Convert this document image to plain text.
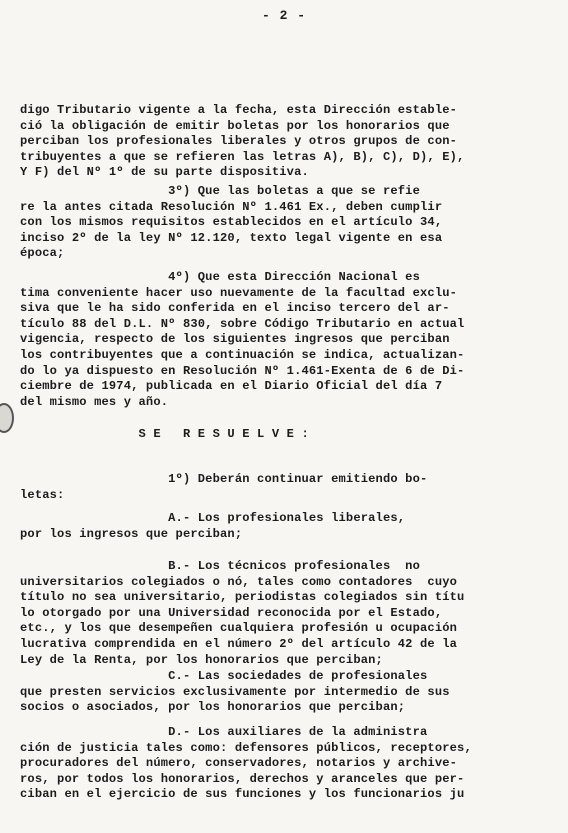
- 2 -
digo Tributario vigente a la fecha, esta Dirección estable-
ció la obligación de emitir boletas por los honorarios que
perciban los profesionales liberales y otros grupos de con-
tribuyentes a que se refieren las letras A), B), C), D), E),
Y F) del Nº 1º de su parte dispositiva.
3º) Que las boletas a que se refie
re la antes citada Resolución Nº 1.461 Ex., deben cumplir
con los mismos requisitos establecidos en el artículo 34,
inciso 2º de la ley Nº 12.120, texto legal vigente en esa
época;
4º) Que esta Dirección Nacional es
tima conveniente hacer uso nuevamente de la facultad exclu-
siva que le ha sido conferida en el inciso tercero del ar-
tículo 88 del D.L. Nº 830, sobre Código Tributario en actual
vigencia, respecto de los siguientes ingresos que perciban
los contribuyentes que a continuación se indica, actualizan-
do lo ya dispuesto en Resolución Nº 1.461-Exenta de 6 de Di-
ciembre de 1974, publicada en el Diario Oficial del día 7
del mismo mes y año.
S E   R E S U E L V E :
1º) Deberán continuar emitiendo bo-
letas:
A.- Los profesionales liberales,
por los ingresos que perciban;
B.- Los técnicos profesionales  no
universitarios colegiados o nó, tales como contadores  cuyo
título no sea universitario, periodistas colegiados sin títu
lo otorgado por una Universidad reconocida por el Estado,
etc., y los que desempeñen cualquiera profesión u ocupación
lucrativa comprendida en el número 2º del artículo 42 de la
Ley de la Renta, por los honorarios que perciban;
C.- Las sociedades de profesionales
que presten servicios exclusivamente por intermedio de sus
socios o asociados, por los honorarios que perciban;
D.- Los auxiliares de la administra
ción de justicia tales como: defensores públicos, receptores,
procuradores del número, conservadores, notarios y archive-
ros, por todos los honorarios, derechos y aranceles que per-
ciban en el ejercicio de sus funciones y los funcionarios ju
